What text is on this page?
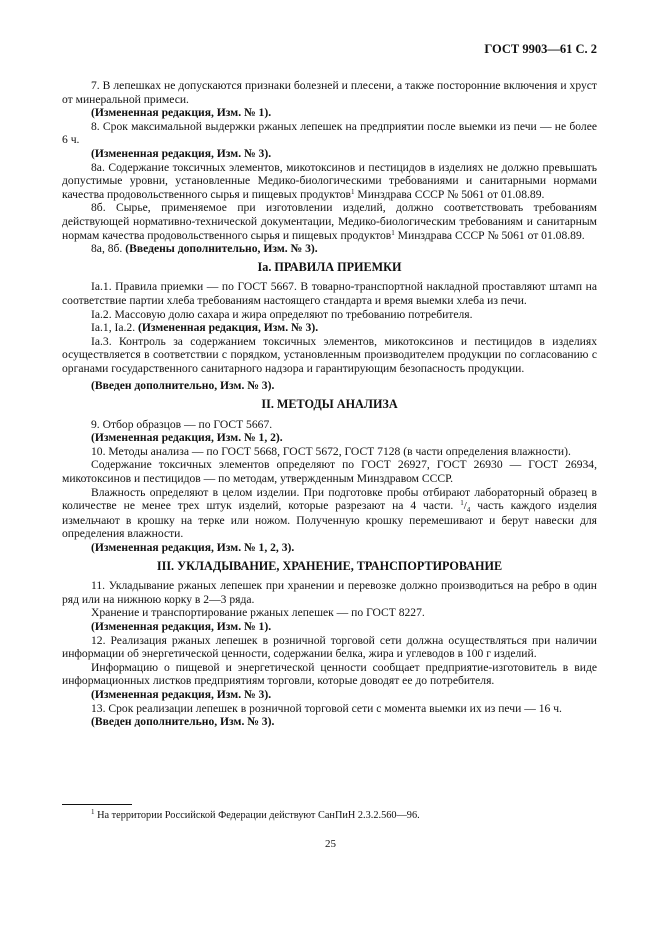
ГОСТ 9903—61 С. 2

7. В лепешках не допускаются признаки болезней и плесени, а также посторонние включения и хруст от минеральной примеси.

(Измененная редакция, Изм. № 1).

8. Срок максимальной выдержки ржаных лепешек на предприятии после выемки из печи — не более 6 ч.

(Измененная редакция, Изм. № 3).

8а. Содержание токсичных элементов, микотоксинов и пестицидов в изделиях не должно превышать допустимые уровни, установленные Медико-биологическими требованиями и санитарными нормами качества продовольственного сырья и пищевых продуктов$^1$ Минздрава СССР № 5061 от 01.08.89.

8б. Сырье, применяемое при изготовлении изделий, должно соответствовать требованиям действующей нормативно-технической документации, Медико-биологическим требованиям и санитарным нормам качества продовольственного сырья и пищевых продуктов$^1$ Минздрава СССР № 5061 от 01.08.89.

8а, 8б. (Введены дополнительно, Изм. № 3).

Iа. ПРАВИЛА ПРИЕМКИ

Iа.1. Правила приемки — по ГОСТ 5667. В товарно-транспортной накладной проставляют штамп на соответствие партии хлеба требованиям настоящего стандарта и время выемки хлеба из печи.

Iа.2. Массовую долю сахара и жира определяют по требованию потребителя.

Iа.1, Iа.2. (Измененная редакция, Изм. № 3).

Iа.3. Контроль за содержанием токсичных элементов, микотоксинов и пестицидов в изделиях осуществляется в соответствии с порядком, установленным производителем продукции по согласованию с органами государственного санитарного надзора и гарантирующим безопасность продукции.

(Введен дополнительно, Изм. № 3).

II. МЕТОДЫ АНАЛИЗА

9. Отбор образцов — по ГОСТ 5667.

(Измененная редакция, Изм. № 1, 2).

10. Методы анализа — по ГОСТ 5668, ГОСТ 5672, ГОСТ 7128 (в части определения влажности).

Содержание токсичных элементов определяют по ГОСТ 26927, ГОСТ 26930 — ГОСТ 26934, микотоксинов и пестицидов — по методам, утвержденным Минздравом СССР.

Влажность определяют в целом изделии. При подготовке пробы отбирают лабораторный образец в количестве не менее трех штук изделий, которые разрезают на 4 части. $^1/_4$ часть каждого изделия измельчают в крошку на терке или ножом. Полученную крошку перемешивают и берут навески для определения влажности.

(Измененная редакция, Изм. № 1, 2, 3).

III. УКЛАДЫВАНИЕ, ХРАНЕНИЕ, ТРАНСПОРТИРОВАНИЕ

11. Укладывание ржаных лепешек при хранении и перевозке должно производиться на ребро в один ряд или на нижнюю корку в 2—3 ряда.

Хранение и транспортирование ржаных лепешек — по ГОСТ 8227.

(Измененная редакция, Изм. № 1).

12. Реализация ржаных лепешек в розничной торговой сети должна осуществляться при наличии информации об энергетической ценности, содержании белка, жира и углеводов в 100 г изделий.

Информацию о пищевой и энергетической ценности сообщает предприятие-изготовитель в виде информационных листков предприятиям торговли, которые доводят ее до потребителя.

(Измененная редакция, Изм. № 3).

13. Срок реализации лепешек в розничной торговой сети с момента выемки их из печи — 16 ч.

(Введен дополнительно, Изм. № 3).

$^1$ На территории Российской Федерации действуют СанПиН 2.3.2.560—96.
25
